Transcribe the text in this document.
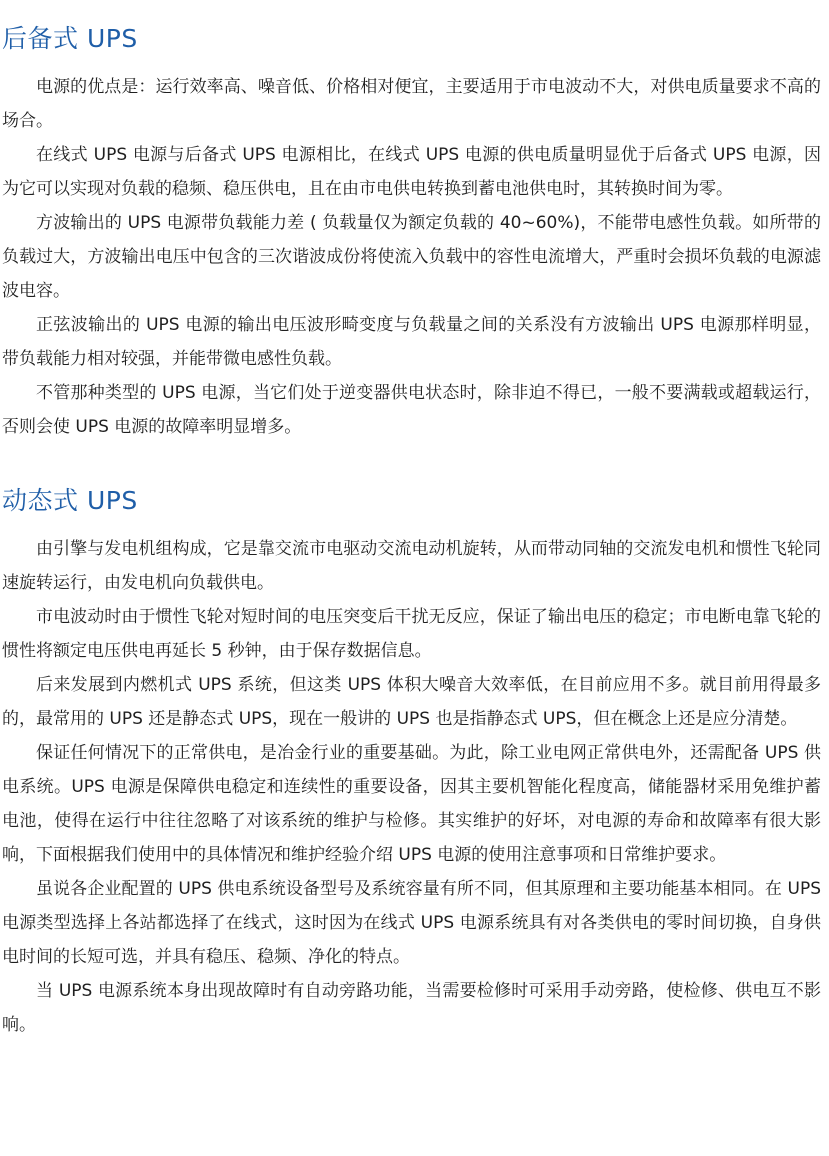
后备式 UPS

电源的优点是：运行效率高、噪音低、价格相对便宜，主要适用于市电波动不大，对供电质量要求不高的场合。

在线式 UPS 电源与后备式 UPS 电源相比，在线式 UPS 电源的供电质量明显优于后备式 UPS 电源，因为它可以实现对负载的稳频、稳压供电，且在由市电供电转换到蓄电池供电时，其转换时间为零。

方波输出的 UPS 电源带负载能力差 ( 负载量仅为额定负载的 40~60%)，不能带电感性负载。如所带的负载过大，方波输出电压中包含的三次谐波成份将使流入负载中的容性电流增大，严重时会损坏负载的电源滤波电容。

正弦波输出的 UPS 电源的输出电压波形畸变度与负载量之间的关系没有方波输出 UPS 电源那样明显，带负载能力相对较强，并能带微电感性负载。

不管那种类型的 UPS 电源，当它们处于逆变器供电状态时，除非迫不得已，一般不要满载或超载运行，否则会使 UPS 电源的故障率明显增多。

动态式 UPS

由引擎与发电机组构成，它是靠交流市电驱动交流电动机旋转，从而带动同轴的交流发电机和惯性飞轮同速旋转运行，由发电机向负载供电。

市电波动时由于惯性飞轮对短时间的电压突变后干扰无反应，保证了输出电压的稳定；市电断电靠飞轮的惯性将额定电压供电再延长 5 秒钟，由于保存数据信息。

后来发展到内燃机式 UPS 系统，但这类 UPS 体积大噪音大效率低，在目前应用不多。就目前用得最多的，最常用的 UPS 还是静态式 UPS，现在一般讲的 UPS 也是指静态式 UPS，但在概念上还是应分清楚。

保证任何情况下的正常供电，是冶金行业的重要基础。为此，除工业电网正常供电外，还需配备 UPS 供电系统。UPS 电源是保障供电稳定和连续性的重要设备，因其主要机智能化程度高，储能器材采用免维护蓄电池，使得在运行中往往忽略了对该系统的维护与检修。其实维护的好坏，对电源的寿命和故障率有很大影响，下面根据我们使用中的具体情况和维护经验介绍 UPS 电源的使用注意事项和日常维护要求。

虽说各企业配置的 UPS 供电系统设备型号及系统容量有所不同，但其原理和主要功能基本相同。在 UPS 电源类型选择上各站都选择了在线式，这时因为在线式 UPS 电源系统具有对各类供电的零时间切换，自身供电时间的长短可选，并具有稳压、稳频、净化的特点。

当 UPS 电源系统本身出现故障时有自动旁路功能，当需要检修时可采用手动旁路，使检修、供电互不影响。
